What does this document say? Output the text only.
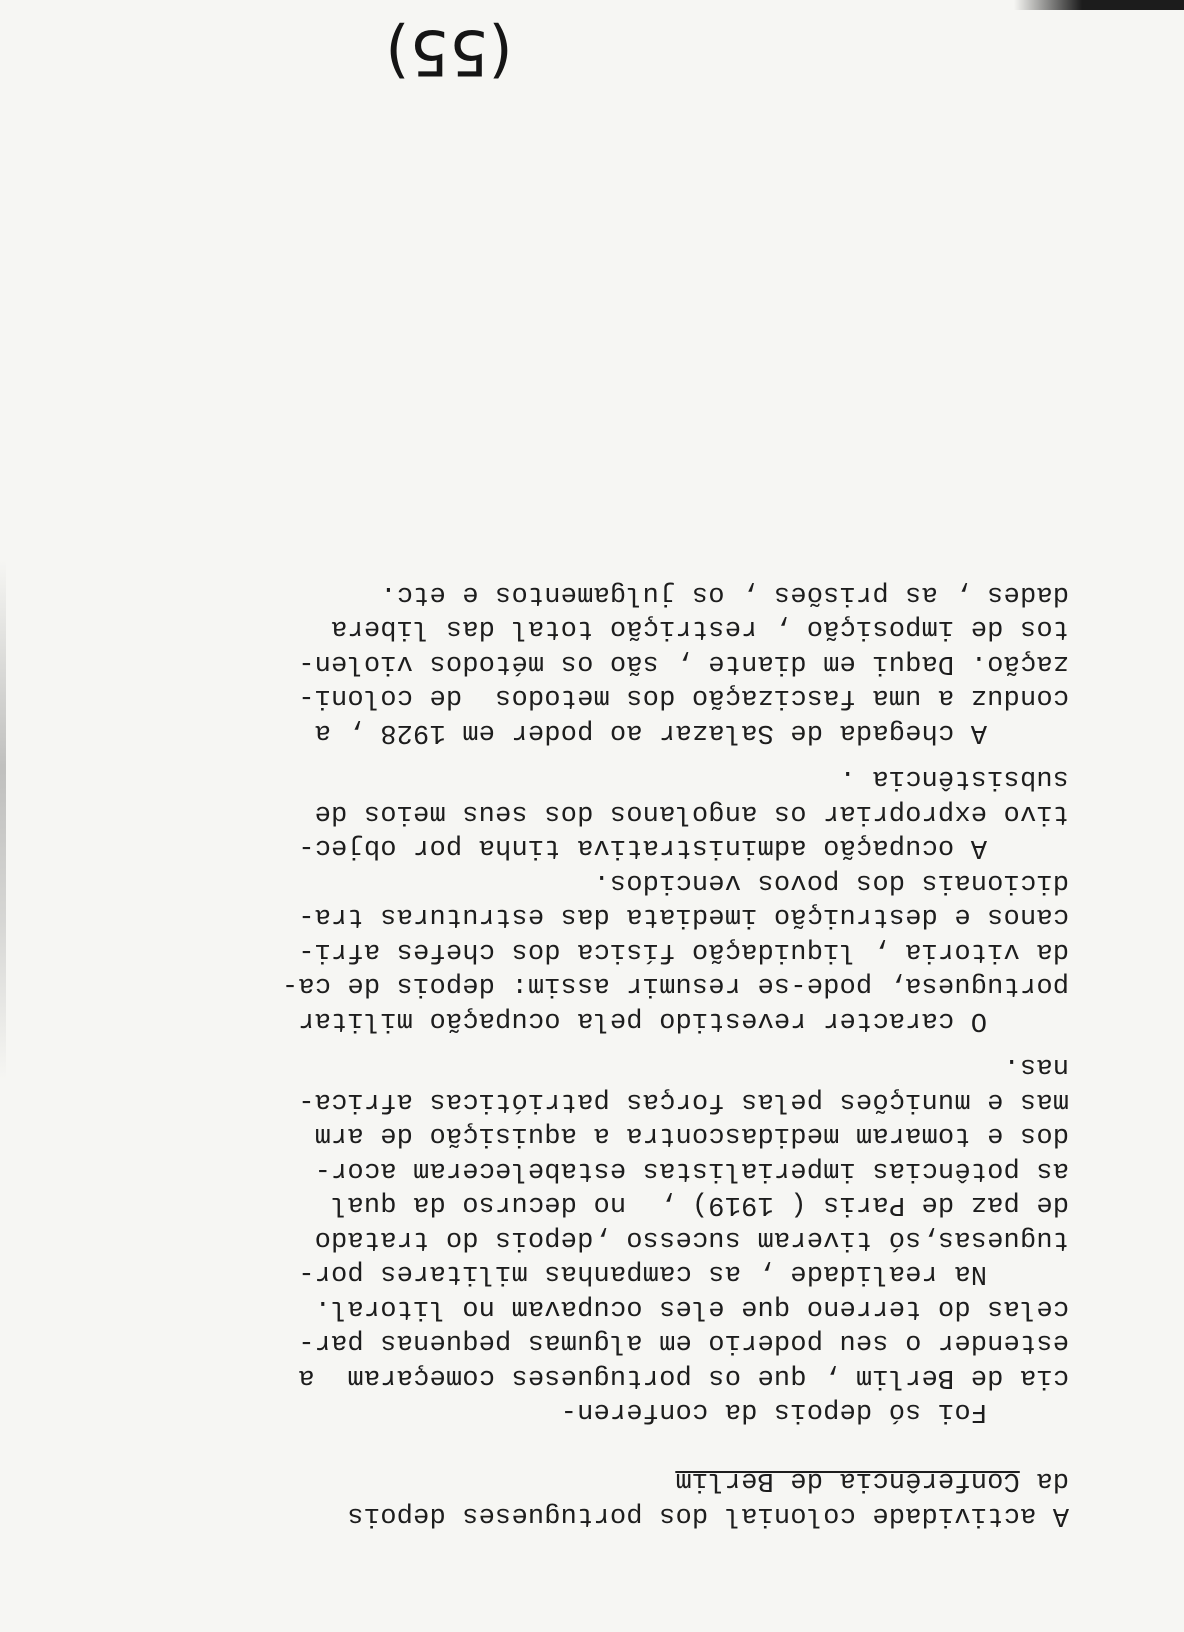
A actividade colonial dos portugueses depois
da Conferência de Berlim
Foi só depois da conferen-
cia de Berlim , que os portugueses começaram  a
estender o seu poderio em algumas pequenas par-
celas do terreno que eles ocupavam no litoral.
Na realidade , as campanhas militares por-
tuguesas,só tiveram sucesso ,depois do tratado
de paz de Paris ( 1919) ,  no decurso da qual
as potências imperialistas estabeleceram acor-
dos e tomaram medidascontra a aquisição de arm
mas e munições pelas forças patrióticas africa-
nas.
O caracter revestido pela ocupação militar
portuguesa, pode-se resumir assim: depois de ca-
da vitoria , liquidação física dos chefes afri-
canos e destruição imediata das estruturas tra-
dicionais dos povos vencidos.
A ocupação administrativa tinha por objec-
tivo expropriar os angolanos dos seus meios de
subsistência .
A chegada de Salazar ao poder em 1928 , a
conduz a uma fascização dos metodos  de coloni-
zação. Daqui em diante , são os métodos violen-
tos de imposição , restrição total das libera
dades , as prisões , os julgamentos e etc.
(55)
